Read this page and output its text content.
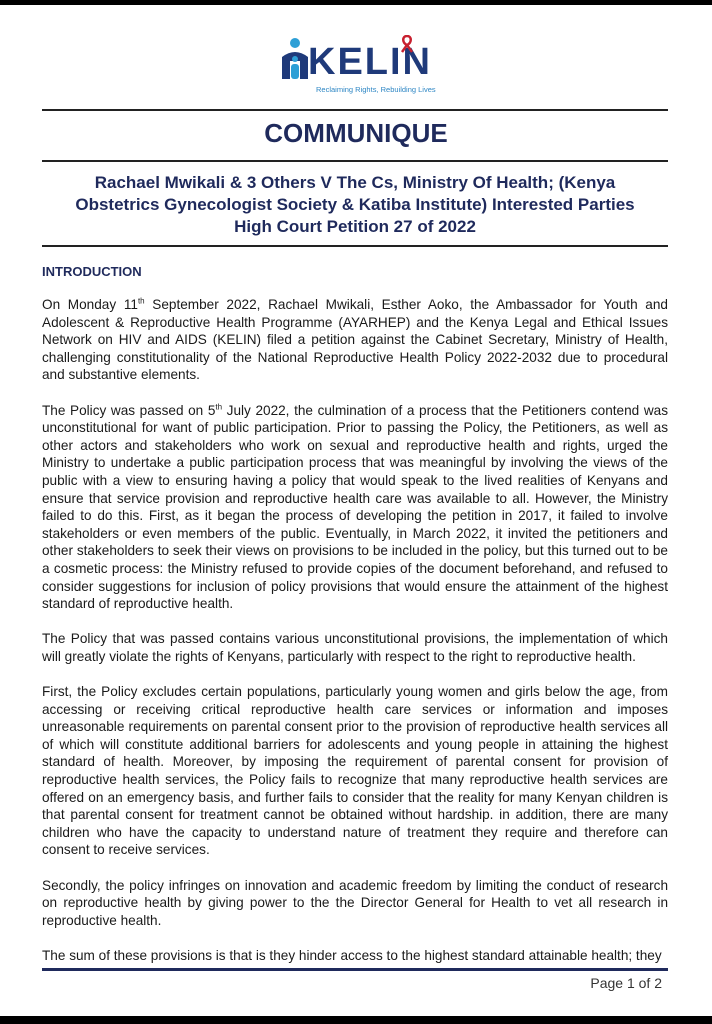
KELIN
Reclaiming Rights, Rebuilding Lives
COMMUNIQUE
Rachael Mwikali & 3 Others V The Cs, Ministry Of Health; (Kenya
Obstetrics Gynecologist Society & Katiba Institute) Interested Parties
High Court Petition 27 of 2022
INTRODUCTION

On Monday 11th September 2022, Rachael Mwikali, Esther Aoko, the Ambassador for Youth and Adolescent & Reproductive Health Programme (AYARHEP) and the Kenya Legal and Ethical Issues Network on HIV and AIDS (KELIN) filed a petition against the Cabinet Secretary, Ministry of Health, challenging constitutionality of the National Reproductive Health Policy 2022-2032 due to procedural and substantive elements.

The Policy was passed on 5th July 2022, the culmination of a process that the Petitioners contend was unconstitutional for want of public participation. Prior to passing the Policy, the Petitioners, as well as other actors and stakeholders who work on sexual and reproductive health and rights, urged the Ministry to undertake a public participation process that was meaningful by involving the views of the public with a view to ensuring having a policy that would speak to the lived realities of Kenyans and ensure that service provision and reproductive health care was available to all. However, the Ministry failed to do this. First, as it began the process of developing the petition in 2017, it failed to involve stakeholders or even members of the public. Eventually, in March 2022, it invited the petitioners and other stakeholders to seek their views on provisions to be included in the policy, but this turned out to be a cosmetic process: the Ministry refused to provide copies of the document beforehand, and refused to consider suggestions for inclusion of policy provisions that would ensure the attainment of the highest standard of reproductive health.

The Policy that was passed contains various unconstitutional provisions, the implementation of which will greatly violate the rights of Kenyans, particularly with respect to the right to reproductive health.

First, the Policy excludes certain populations, particularly young women and girls below the age, from accessing or receiving critical reproductive health care services or information and imposes unreasonable requirements on parental consent prior to the provision of reproductive health services all of which will constitute additional barriers for adolescents and young people in attaining the highest standard of health. Moreover, by imposing the requirement of parental consent for provision of reproductive health services, the Policy fails to recognize that many reproductive health services are offered on an emergency basis, and further fails to consider that the reality for many Kenyan children is that parental consent for treatment cannot be obtained without hardship. in addition, there are many children who have the capacity to understand nature of treatment they require and therefore can consent to receive services.

Secondly, the policy infringes on innovation and academic freedom by limiting the conduct of research on reproductive health by giving power to the the Director General for Health to vet all research in reproductive health.

The sum of these provisions is that is they hinder access to the highest standard attainable health; they

Page 1 of 2
